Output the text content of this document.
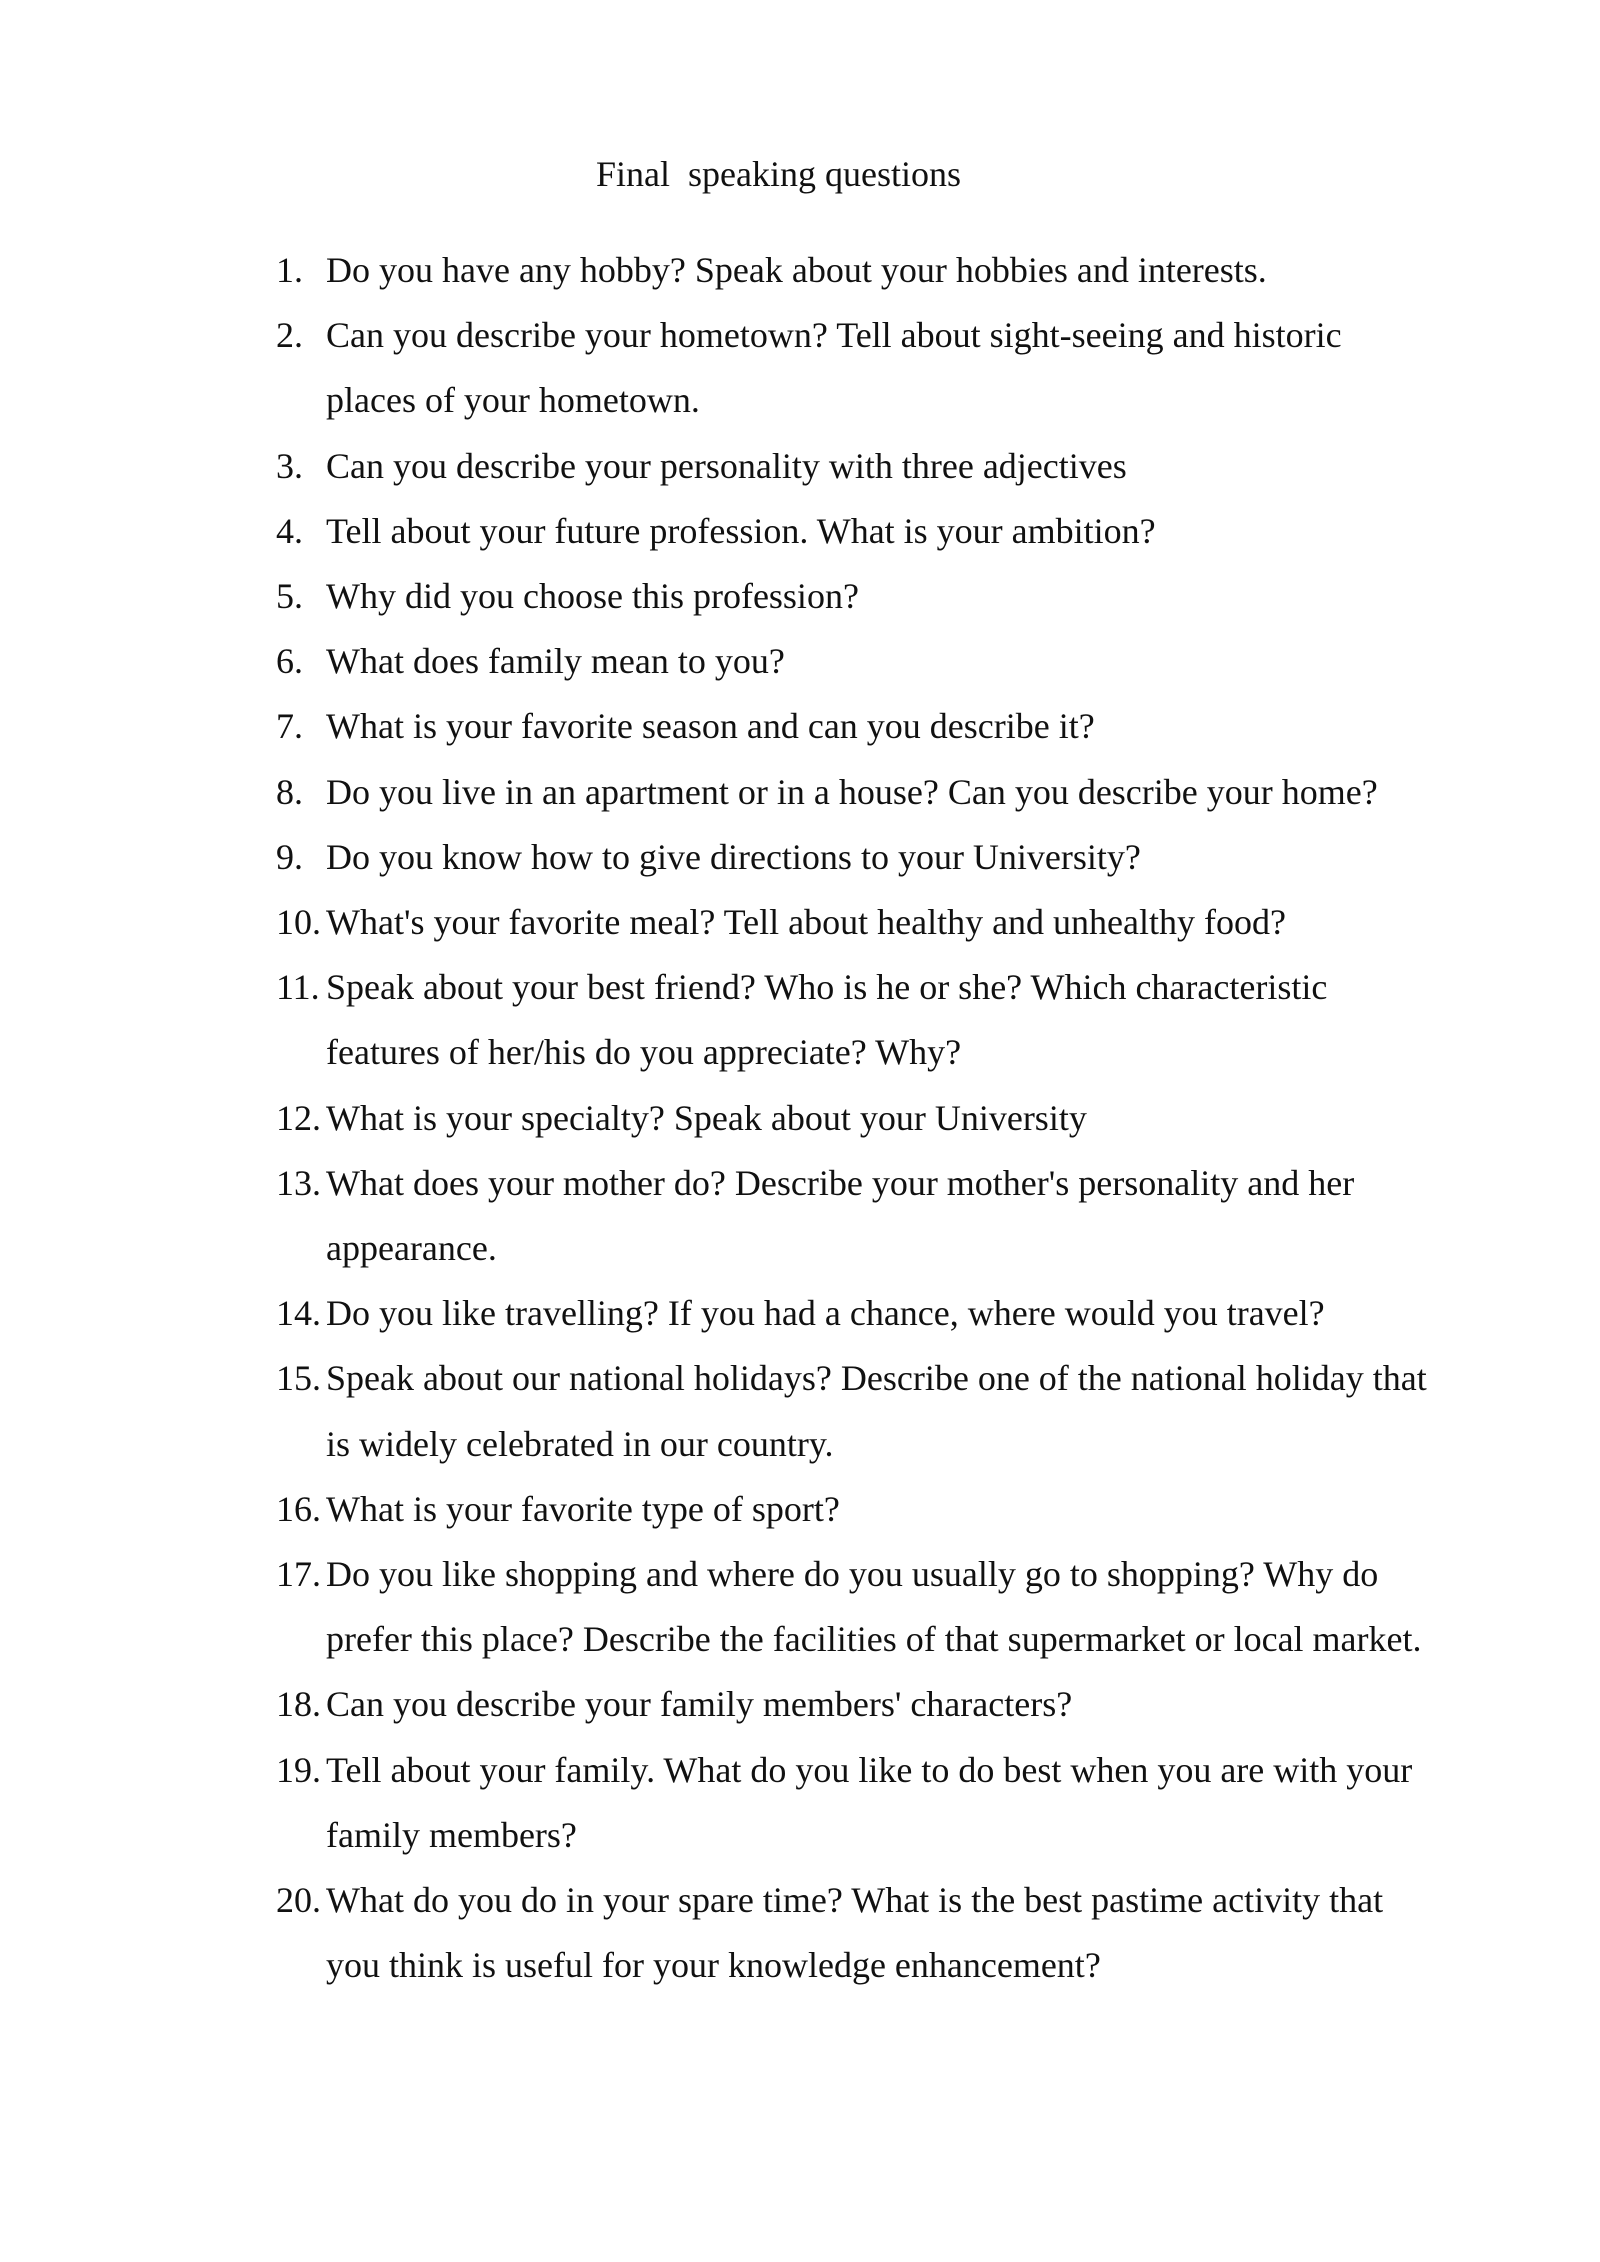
Final  speaking questions
1. Do you have any hobby? Speak about your hobbies and interests.
2. Can you describe your hometown? Tell about sight-seeing and historic
places of your hometown.
3. Can you describe your personality with three adjectives
4. Tell about your future profession. What is your ambition?
5. Why did you choose this profession?
6. What does family mean to you?
7. What is your favorite season and can you describe it?
8. Do you live in an apartment or in a house? Can you describe your home?
9. Do you know how to give directions to your University?
10. What's your favorite meal? Tell about healthy and unhealthy food?
11. Speak about your best friend? Who is he or she? Which characteristic
features of her/his do you appreciate? Why?
12. What is your specialty? Speak about your University
13. What does your mother do? Describe your mother's personality and her
appearance.
14. Do you like travelling? If you had a chance, where would you travel?
15. Speak about our national holidays? Describe one of the national holiday that
is widely celebrated in our country.
16. What is your favorite type of sport?
17. Do you like shopping and where do you usually go to shopping? Why do
prefer this place? Describe the facilities of that supermarket or local market.
18. Can you describe your family members' characters?
19. Tell about your family. What do you like to do best when you are with your
family members?
20. What do you do in your spare time? What is the best pastime activity that
you think is useful for your knowledge enhancement?
